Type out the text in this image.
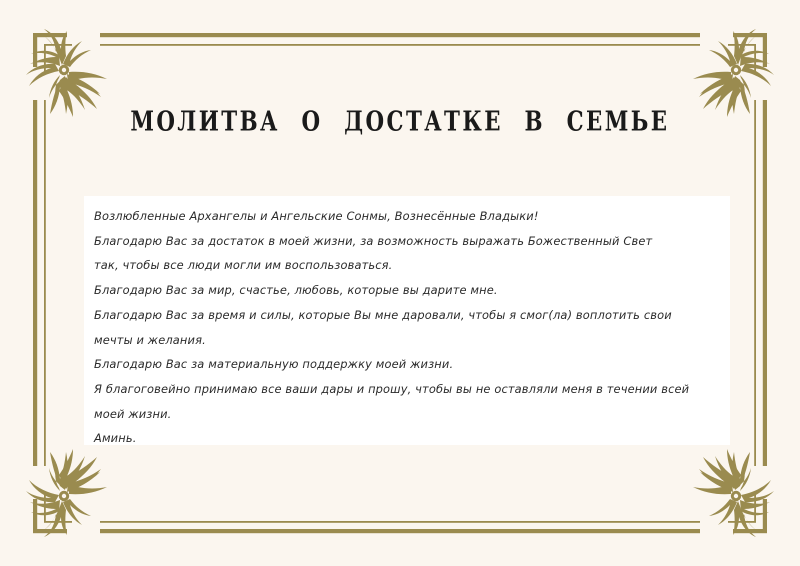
молитва о достатке в семье
Возлюбленные Архангелы и Ангельские Сонмы, Вознесённые Владыки!
Благодарю Вас за достаток в моей жизни, за возможность выражать Божественный Свет
так, чтобы все люди могли им воспользоваться.
Благодарю Вас за мир, счастье, любовь, которые вы дарите мне.
Благодарю Вас за время и силы, которые Вы мне даровали, чтобы я смог(ла) воплотить свои
мечты и желания.
Благодарю Вас за материальную поддержку моей жизни.
Я благоговейно принимаю все ваши дары и прошу, чтобы вы не оставляли меня в течении всей
моей жизни.
Аминь.
